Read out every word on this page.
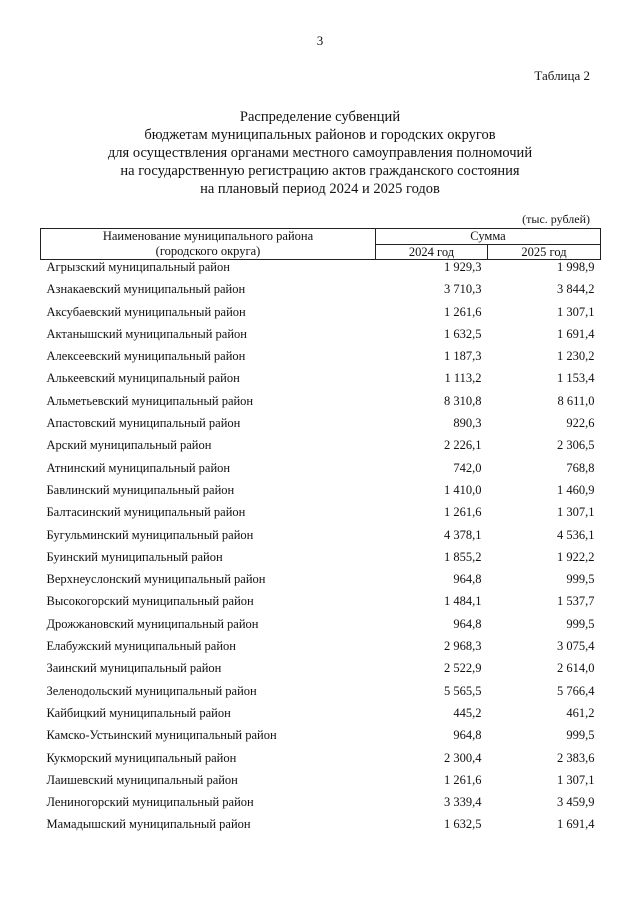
3
Таблица 2
Распределение субвенций
бюджетам муниципальных районов и городских округов
для осуществления органами местного самоуправления полномочий
на государственную регистрацию актов гражданского состояния
на плановый период 2024 и 2025 годов
(тыс. рублей)
Наименование муниципального района
(городского округа)	Сумма	
	2024 год	2025 год
Агрызский муниципальный район	1 929,3	1 998,9
Азнакаевский муниципальный район	3 710,3	3 844,2
Аксубаевский муниципальный район	1 261,6	1 307,1
Актанышский муниципальный район	1 632,5	1 691,4
Алексеевский муниципальный район	1 187,3	1 230,2
Алькеевский муниципальный район	1 113,2	1 153,4
Альметьевский муниципальный район	8 310,8	8 611,0
Апастовский муниципальный район	890,3	922,6
Арский муниципальный район	2 226,1	2 306,5
Атнинский муниципальный район	742,0	768,8
Бавлинский муниципальный район	1 410,0	1 460,9
Балтасинский муниципальный район	1 261,6	1 307,1
Бугульминский муниципальный район	4 378,1	4 536,1
Буинский муниципальный район	1 855,2	1 922,2
Верхнеуслонский муниципальный район	964,8	999,5
Высокогорский муниципальный район	1 484,1	1 537,7
Дрожжановский муниципальный район	964,8	999,5
Елабужский муниципальный район	2 968,3	3 075,4
Заинский муниципальный район	2 522,9	2 614,0
Зеленодольский муниципальный район	5 565,5	5 766,4
Кайбицкий муниципальный район	445,2	461,2
Камско-Устьинский муниципальный район	964,8	999,5
Кукморский муниципальный район	2 300,4	2 383,6
Лаишевский муниципальный район	1 261,6	1 307,1
Лениногорский муниципальный район	3 339,4	3 459,9
Мамадышский муниципальный район	1 632,5	1 691,4
